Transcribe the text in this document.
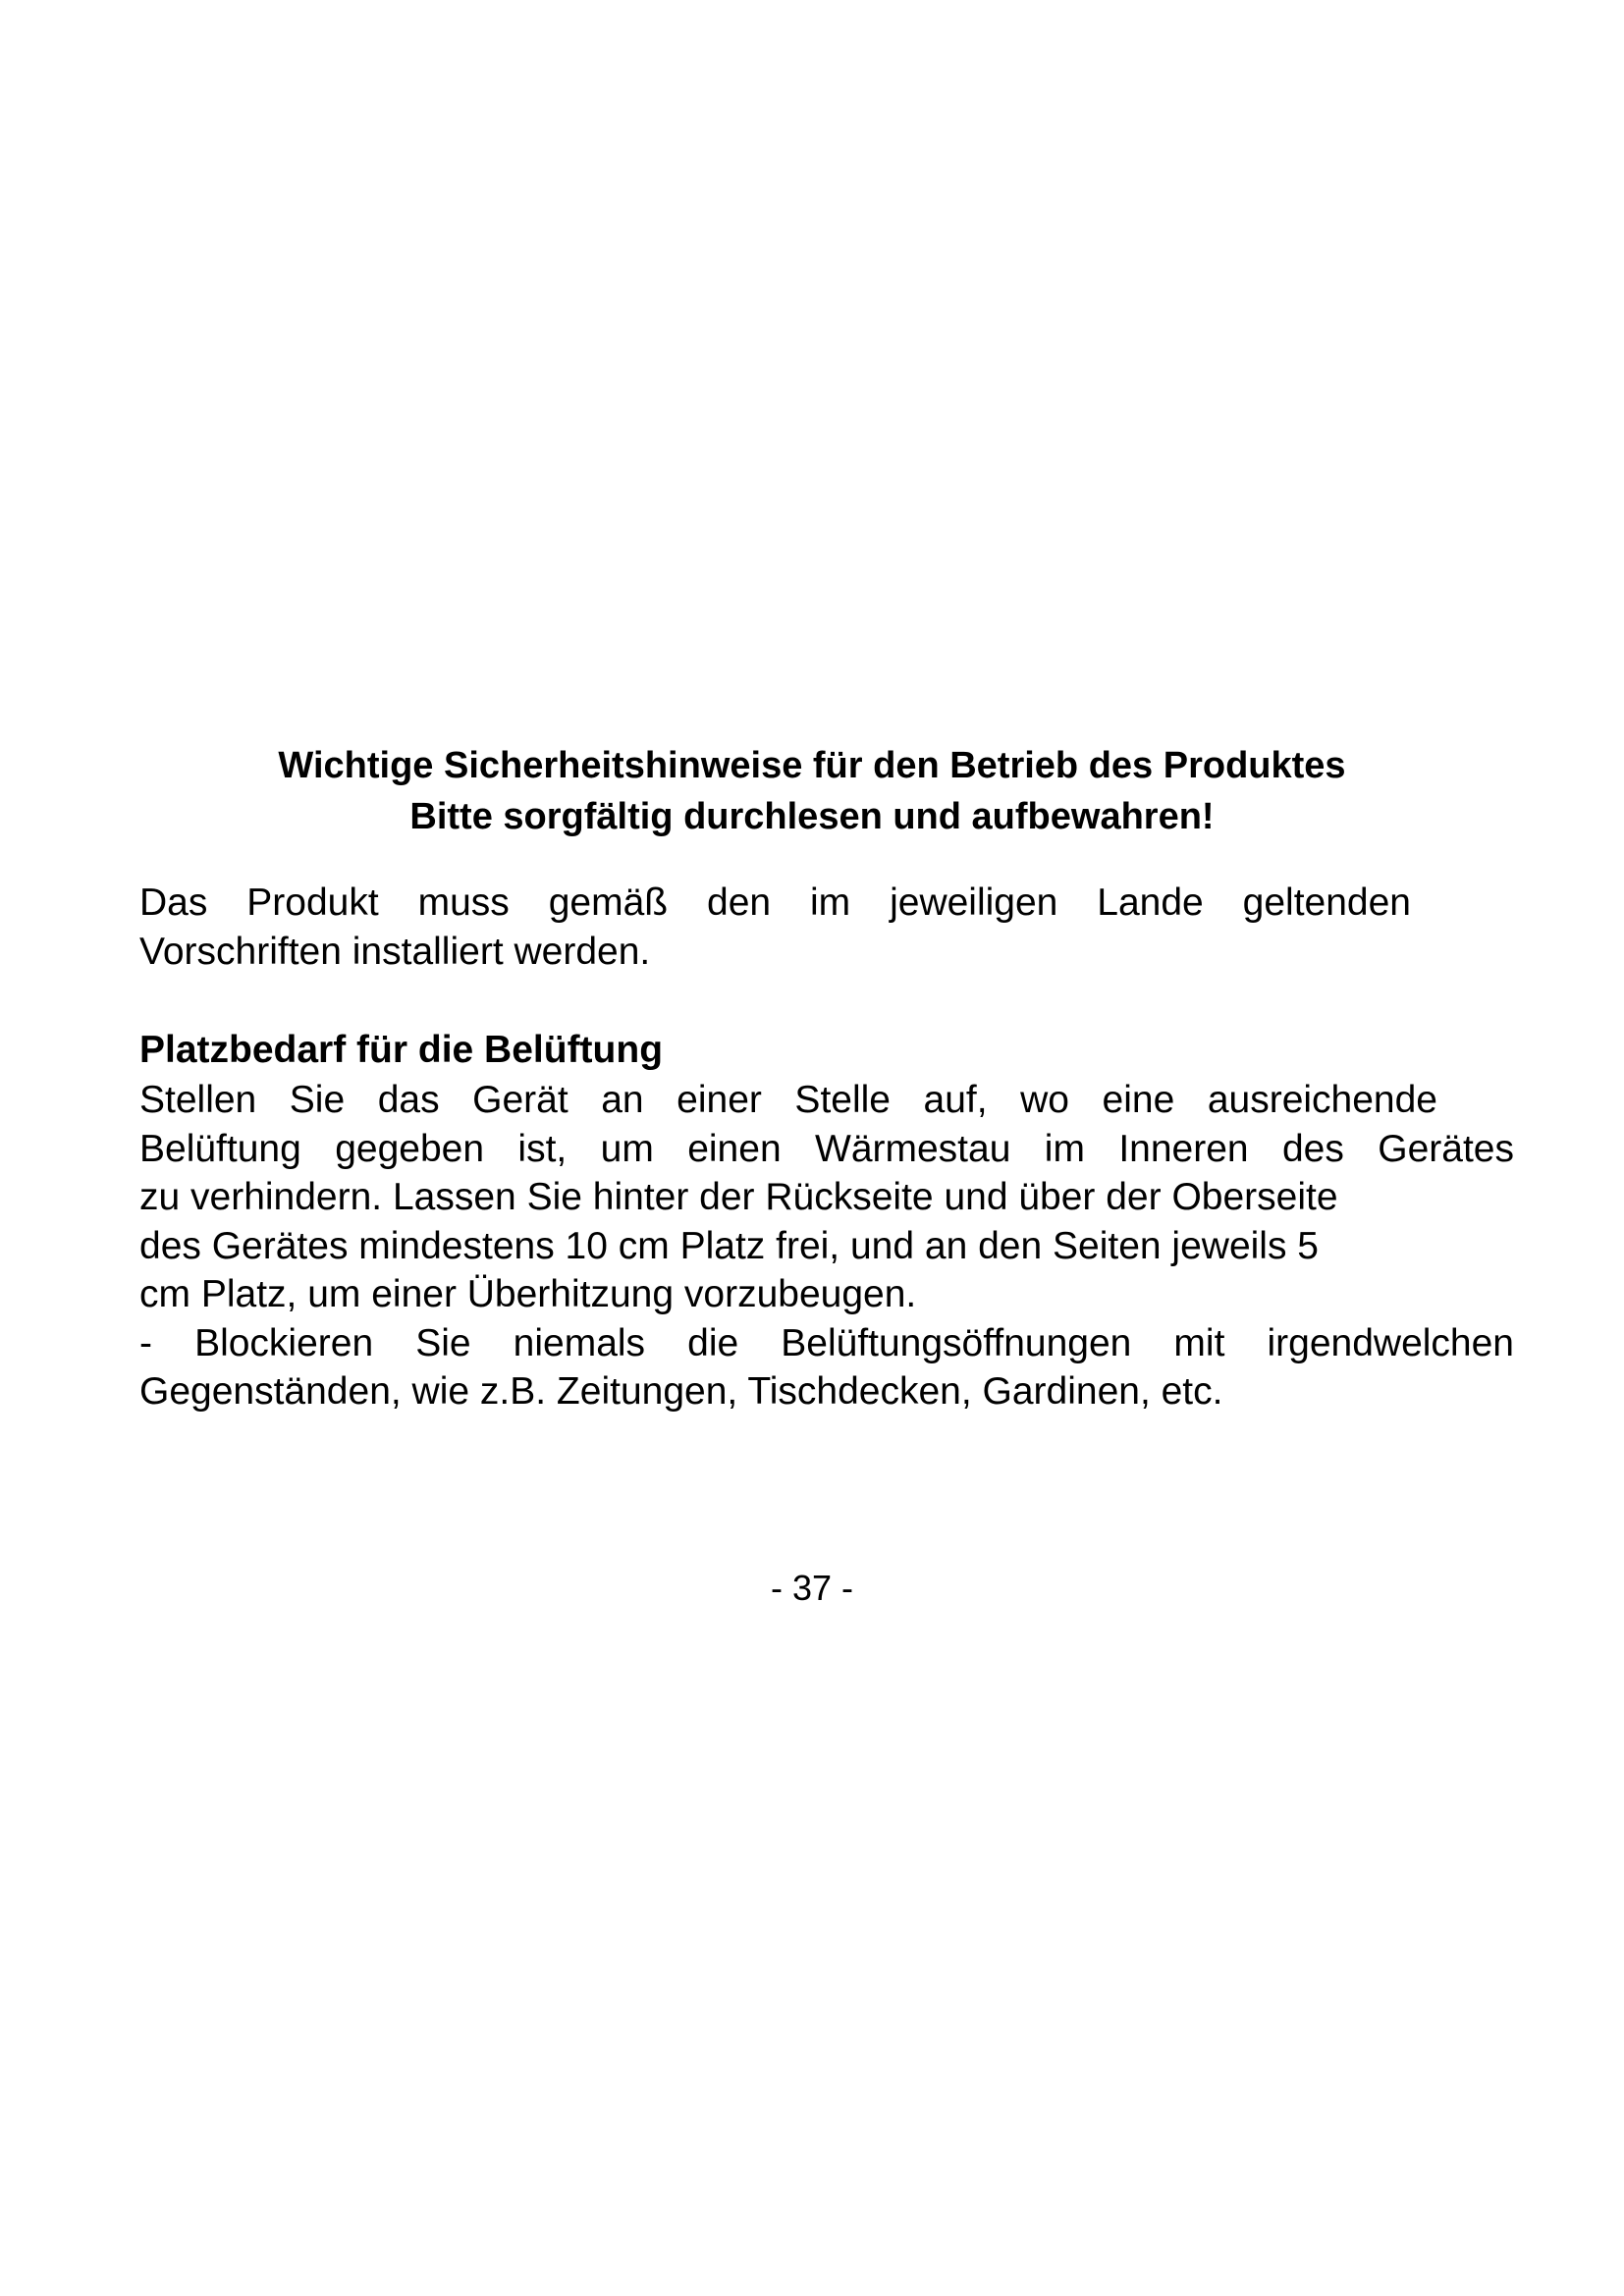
Wichtige Sicherheitshinweise für den Betrieb des Produktes
Bitte sorgfältig durchlesen und aufbewahren!

Das Produkt muss gemäß den im jeweiligen Lande geltenden
Vorschriften installiert werden.

Platzbedarf für die Belüftung

Stellen Sie das Gerät an einer Stelle auf, wo eine ausreichende
Belüftung gegeben ist, um einen Wärmestau im Inneren des Gerätes
zu verhindern. Lassen Sie hinter der Rückseite und über der Oberseite
des Gerätes mindestens 10 cm Platz frei, und an den Seiten jeweils 5
cm Platz, um einer Überhitzung vorzubeugen.
- Blockieren Sie niemals die Belüftungsöffnungen mit irgendwelchen
Gegenständen, wie z.B. Zeitungen, Tischdecken, Gardinen, etc.

- 37 -
